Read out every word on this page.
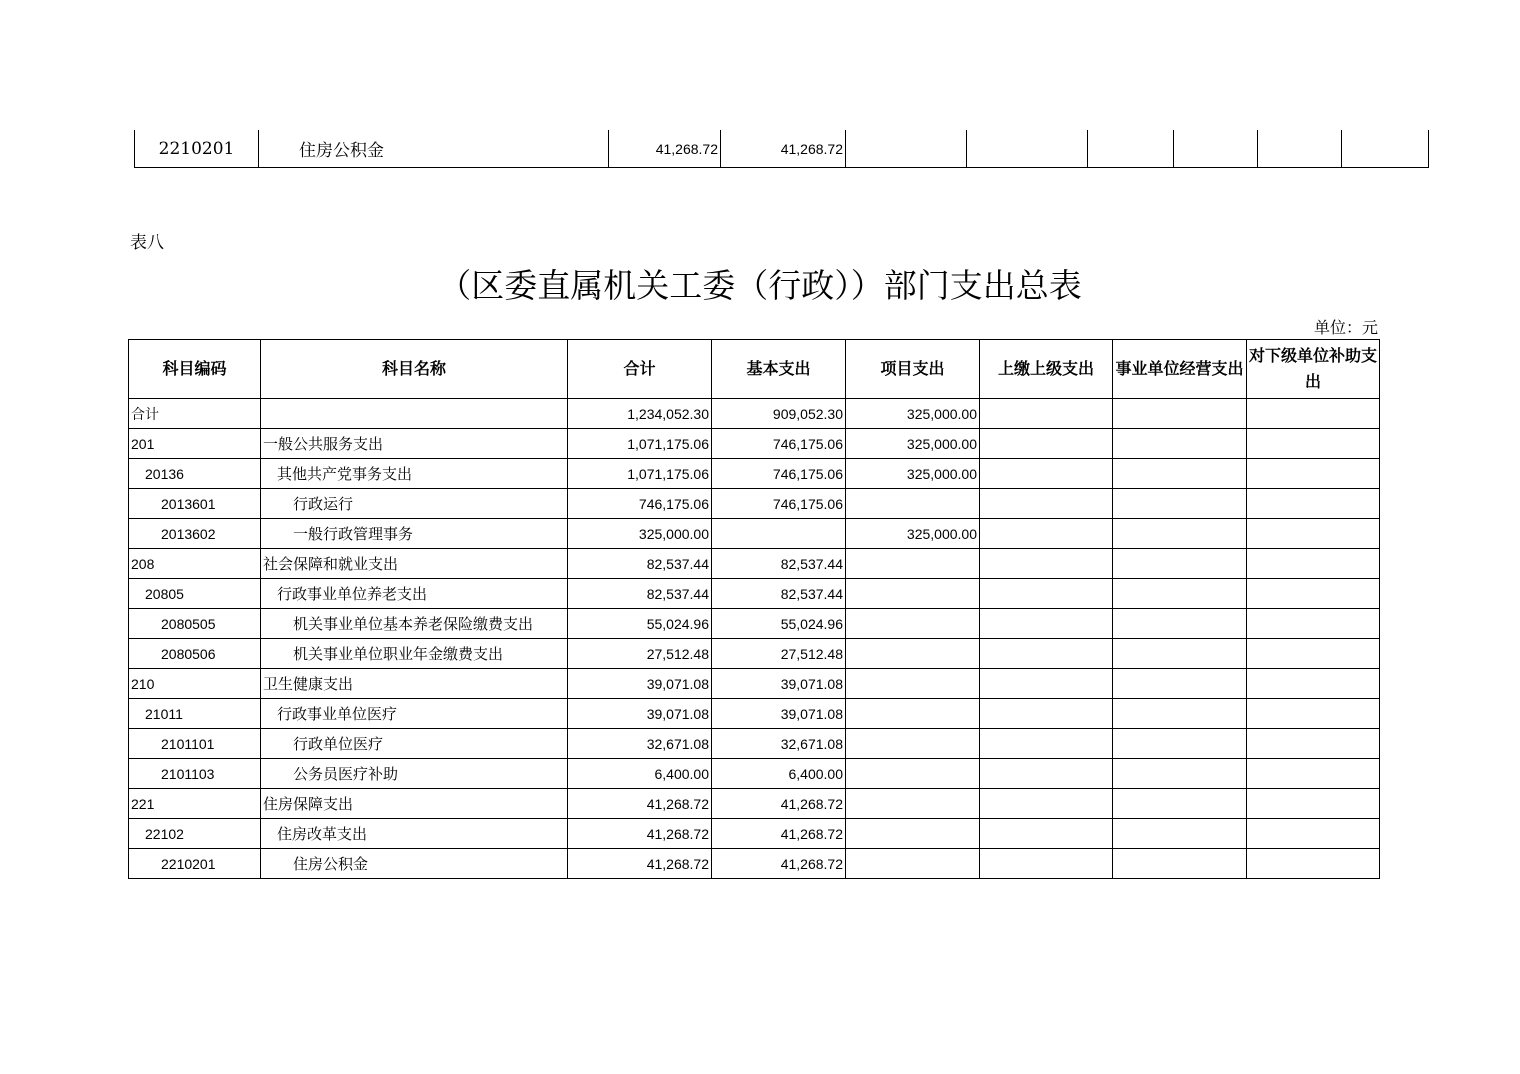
2210201	住房公积金	41,268.72	41,268.72						
表八
（区委直属机关工委（行政））部门支出总表
单位：元
科目编码	科目名称	合计	基本支出	项目支出	上缴上级支出	事业单位经营支出	对下级单位补助支出
合计		1,234,052.30	909,052.30	325,000.00			
201	一般公共服务支出	1,071,175.06	746,175.06	325,000.00			
20136	其他共产党事务支出	1,071,175.06	746,175.06	325,000.00			
2013601	行政运行	746,175.06	746,175.06				
2013602	一般行政管理事务	325,000.00		325,000.00			
208	社会保障和就业支出	82,537.44	82,537.44				
20805	行政事业单位养老支出	82,537.44	82,537.44				
2080505	机关事业单位基本养老保险缴费支出	55,024.96	55,024.96				
2080506	机关事业单位职业年金缴费支出	27,512.48	27,512.48				
210	卫生健康支出	39,071.08	39,071.08				
21011	行政事业单位医疗	39,071.08	39,071.08				
2101101	行政单位医疗	32,671.08	32,671.08				
2101103	公务员医疗补助	6,400.00	6,400.00				
221	住房保障支出	41,268.72	41,268.72				
22102	住房改革支出	41,268.72	41,268.72				
2210201	住房公积金	41,268.72	41,268.72				
